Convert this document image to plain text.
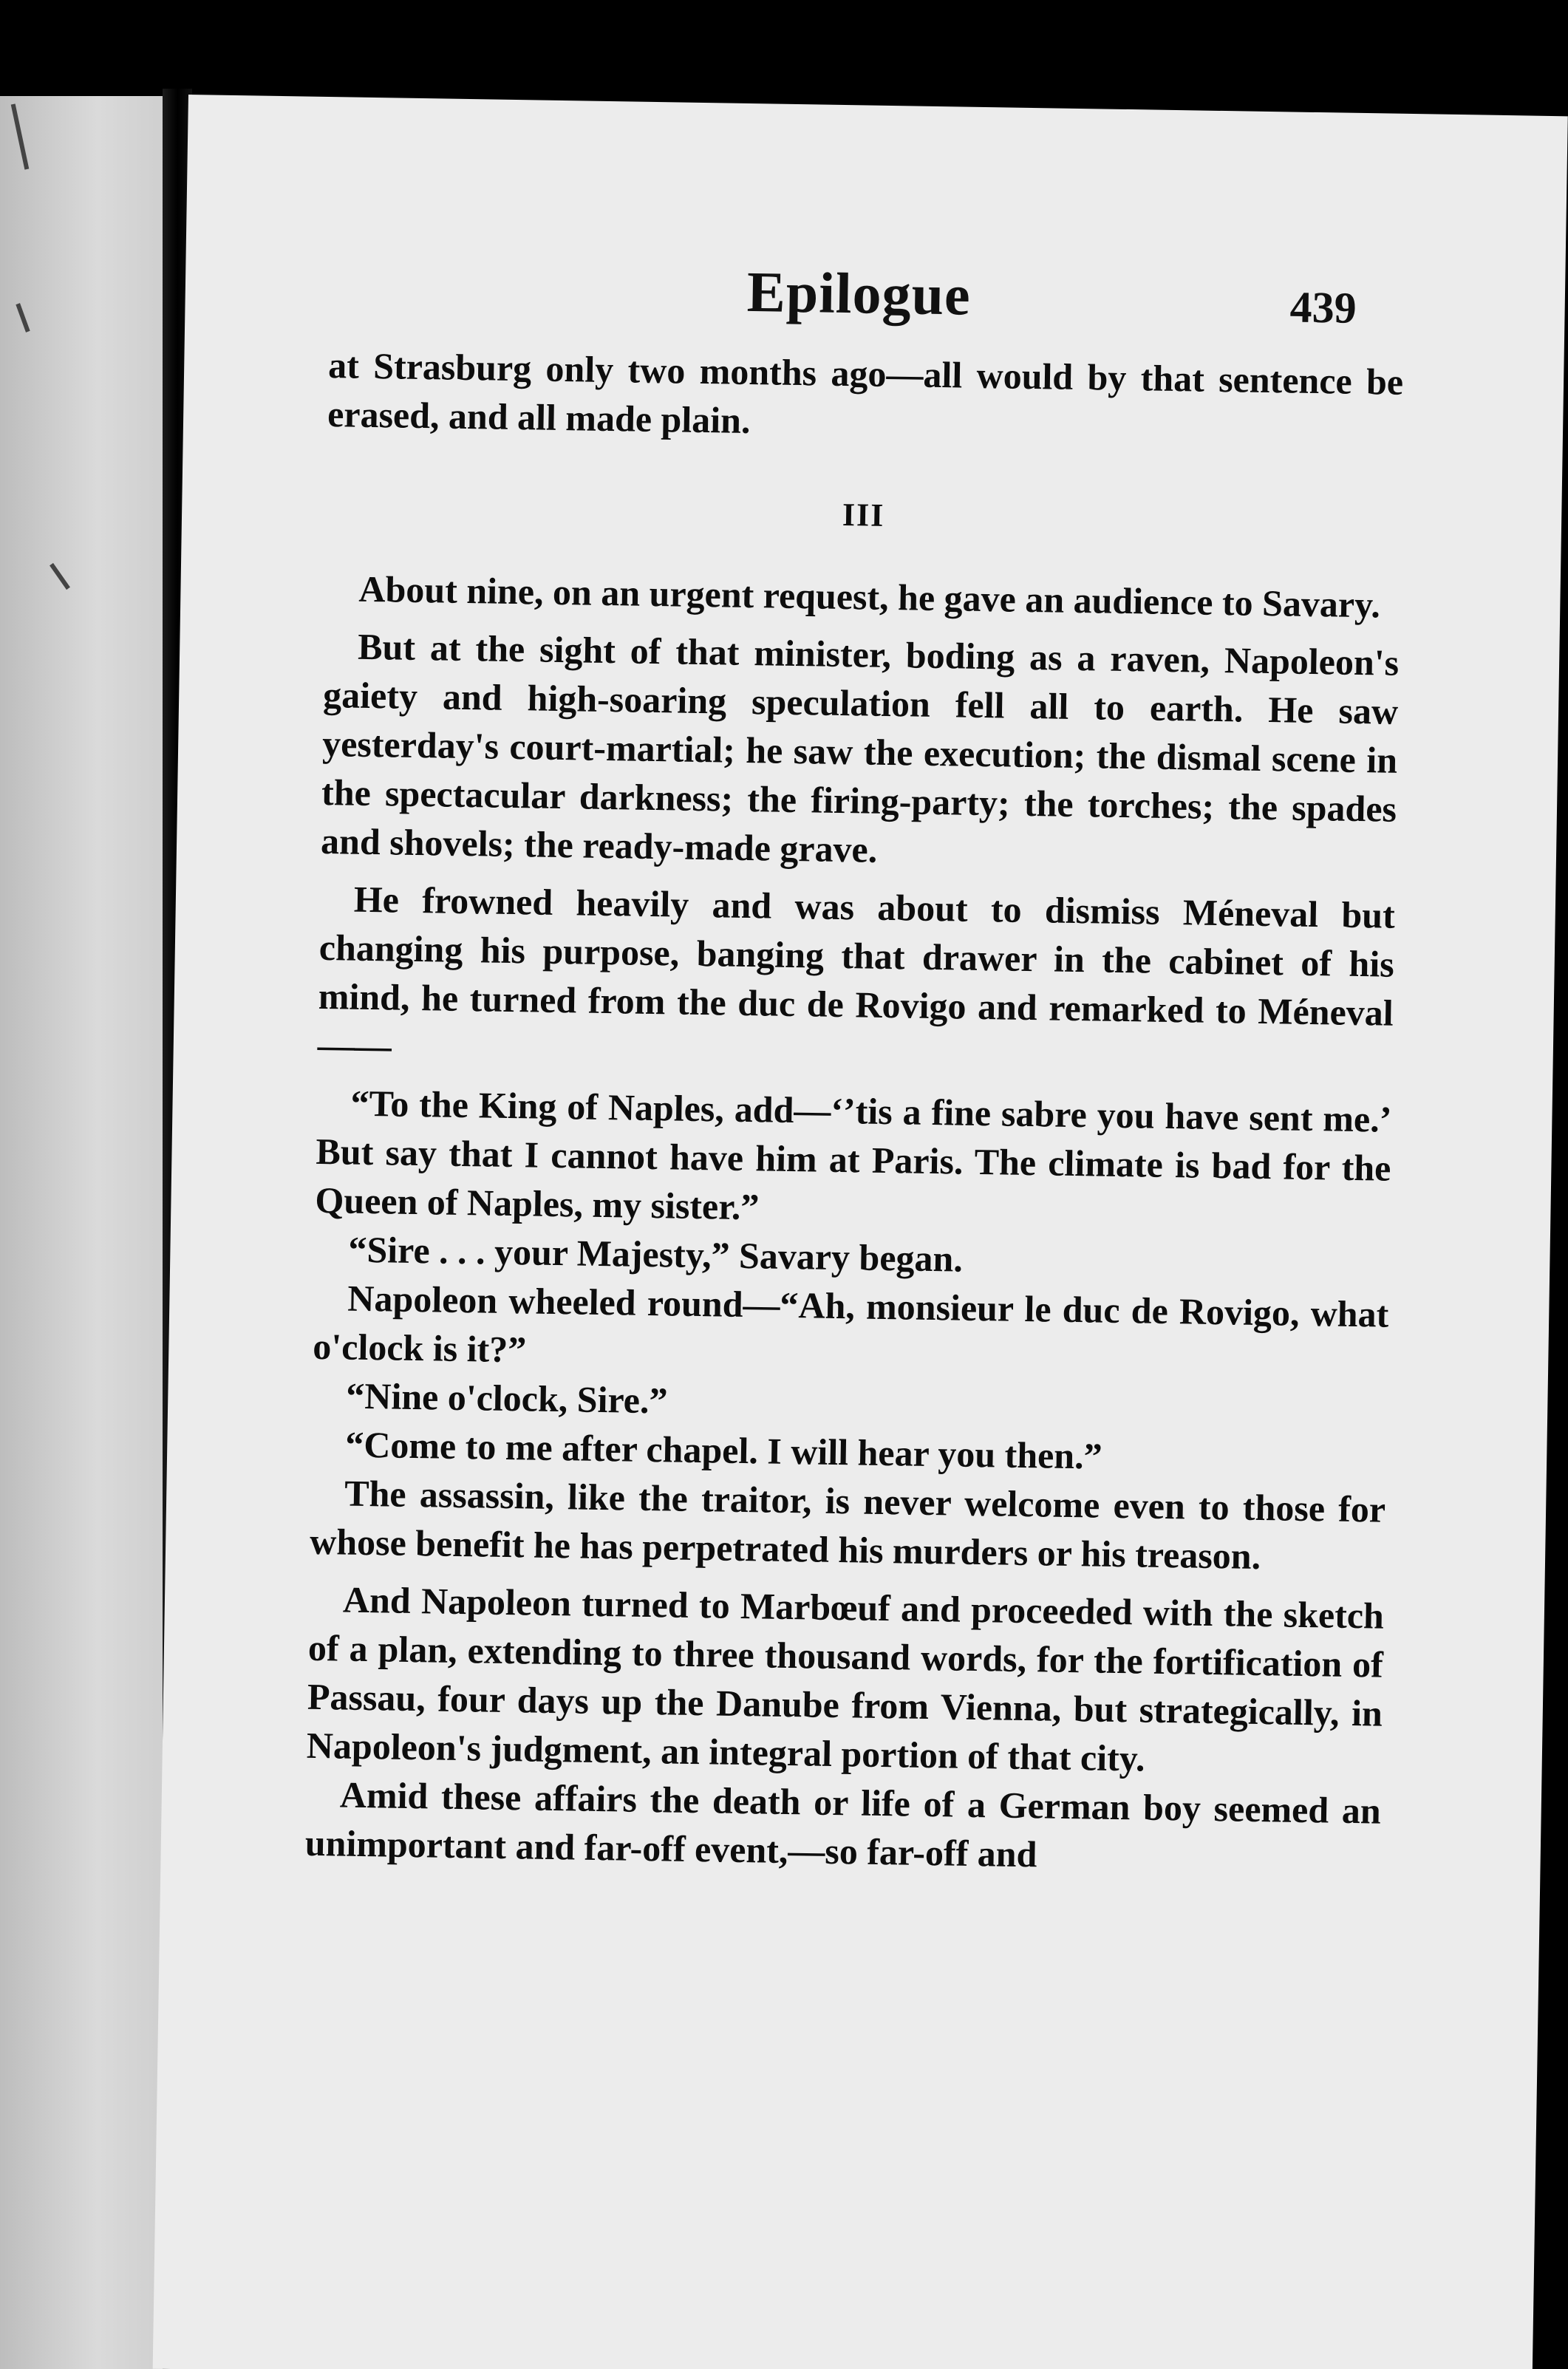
Epilogue	439

at Strasburg only two months ago—all would by that sentence be erased, and all made plain.

III

About nine, on an urgent request, he gave an audience to Savary.

But at the sight of that minister, boding as a raven, Napoleon's gaiety and high-soaring speculation fell all to earth. He saw yesterday's court-martial; he saw the execution; the dismal scene in the spectacular darkness; the firing-party; the torches; the spades and shovels; the ready-made grave.

He frowned heavily and was about to dismiss Méneval but changing his purpose, banging that drawer in the cabinet of his mind, he turned from the duc de Rovigo and remarked to Méneval——

“To the King of Naples, add—‘’tis a fine sabre you have sent me.’ But say that I cannot have him at Paris. The climate is bad for the Queen of Naples, my sister.”

“Sire . . . your Majesty,” Savary began.

Napoleon wheeled round—“Ah, monsieur le duc de Rovigo, what o'clock is it?”

“Nine o'clock, Sire.”

“Come to me after chapel. I will hear you then.”

The assassin, like the traitor, is never welcome even to those for whose benefit he has perpetrated his murders or his treason.

And Napoleon turned to Marbœuf and proceeded with the sketch of a plan, extending to three thousand words, for the fortification of Passau, four days up the Danube from Vienna, but strategically, in Napoleon's judgment, an integral portion of that city.

Amid these affairs the death or life of a German boy seemed an unimportant and far-off event,—so far-off and
